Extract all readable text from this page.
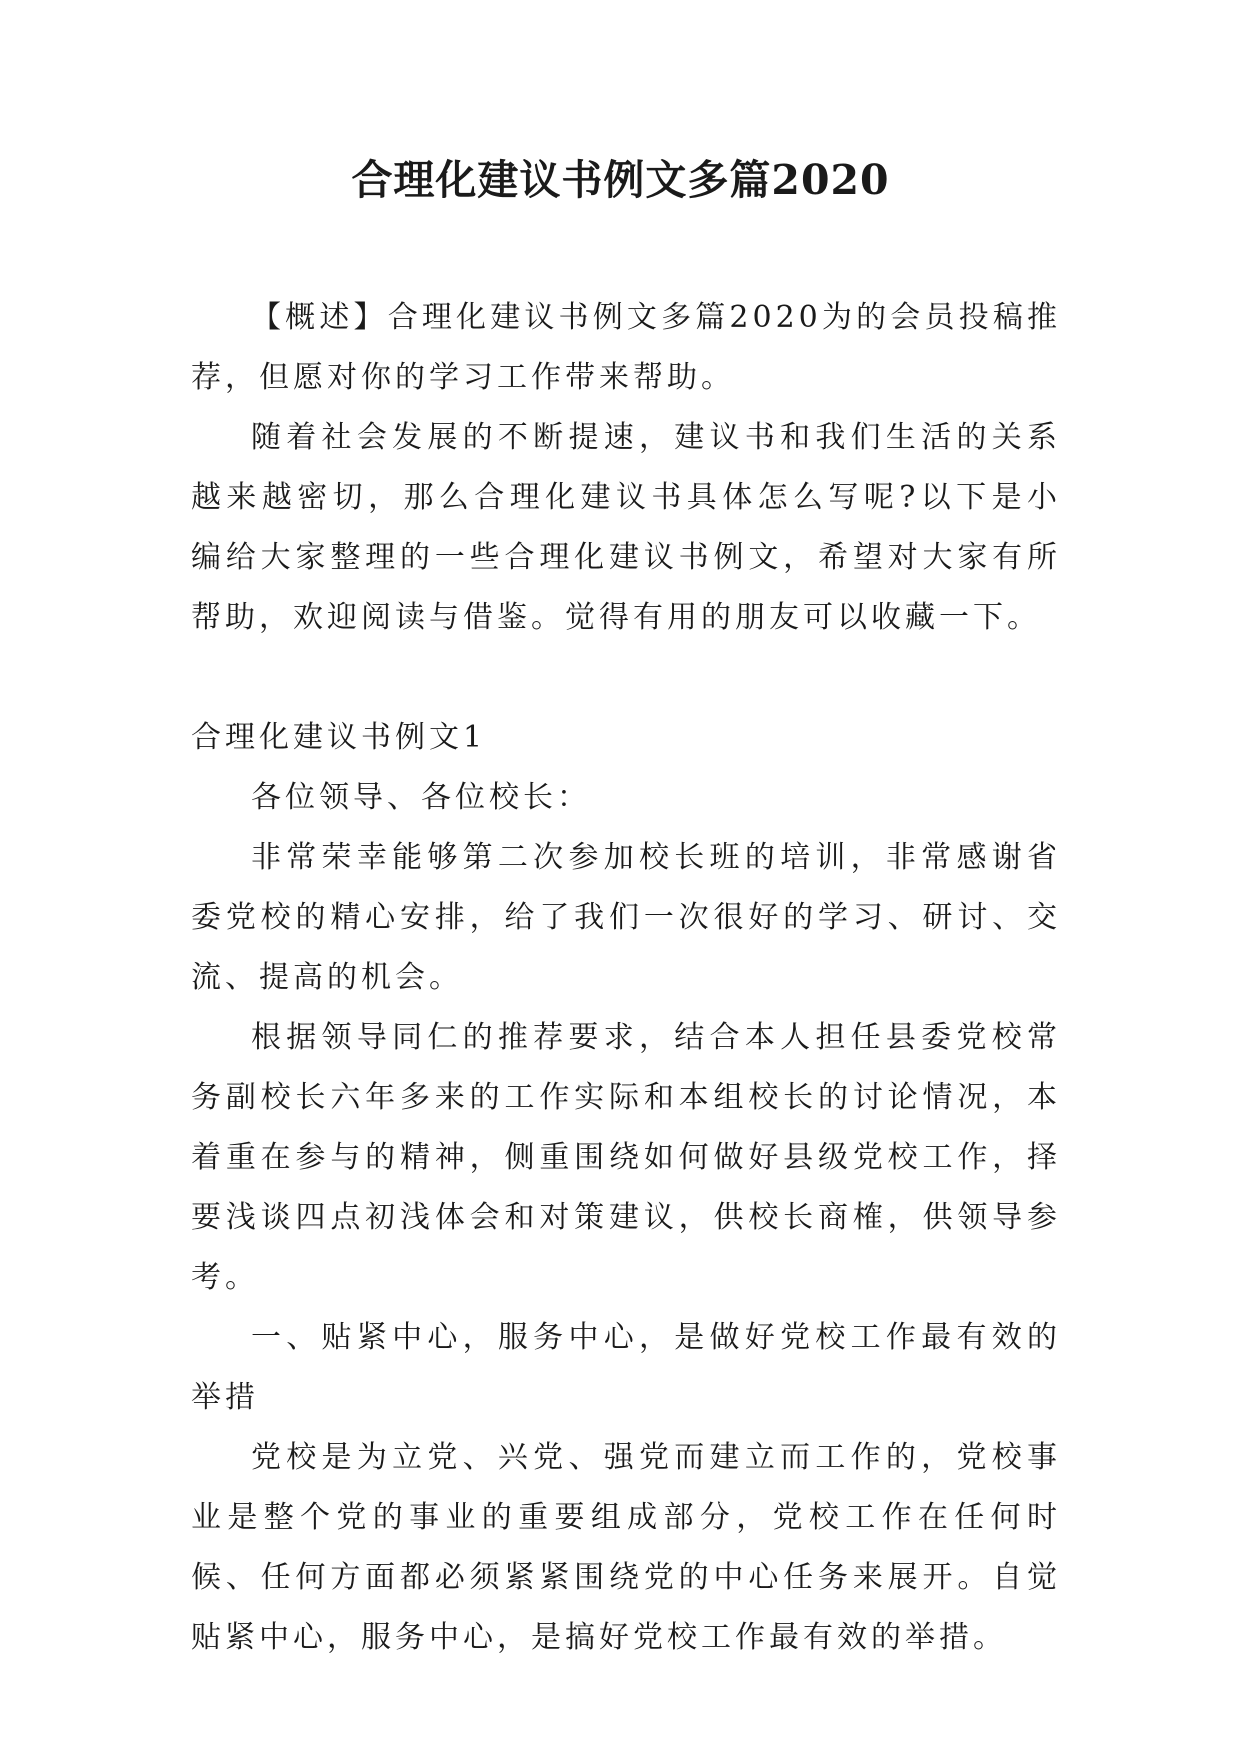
合理化建议书例文多篇2020

【概述】合理化建议书例文多篇2020为的会员投稿推荐，但愿对你的学习工作带来帮助。

随着社会发展的不断提速，建议书和我们生活的关系越来越密切，那么合理化建议书具体怎么写呢?以下是小编给大家整理的一些合理化建议书例文，希望对大家有所帮助，欢迎阅读与借鉴。觉得有用的朋友可以收藏一下。

合理化建议书例文1

各位领导、各位校长：

非常荣幸能够第二次参加校长班的培训，非常感谢省委党校的精心安排，给了我们一次很好的学习、研讨、交流、提高的机会。

根据领导同仁的推荐要求，结合本人担任县委党校常务副校长六年多来的工作实际和本组校长的讨论情况，本着重在参与的精神，侧重围绕如何做好县级党校工作，择要浅谈四点初浅体会和对策建议，供校长商榷，供领导参考。

一、贴紧中心，服务中心，是做好党校工作最有效的举措

党校是为立党、兴党、强党而建立而工作的，党校事业是整个党的事业的重要组成部分，党校工作在任何时候、任何方面都必须紧紧围绕党的中心任务来展开。自觉贴紧中心，服务中心，是搞好党校工作最有效的举措。
